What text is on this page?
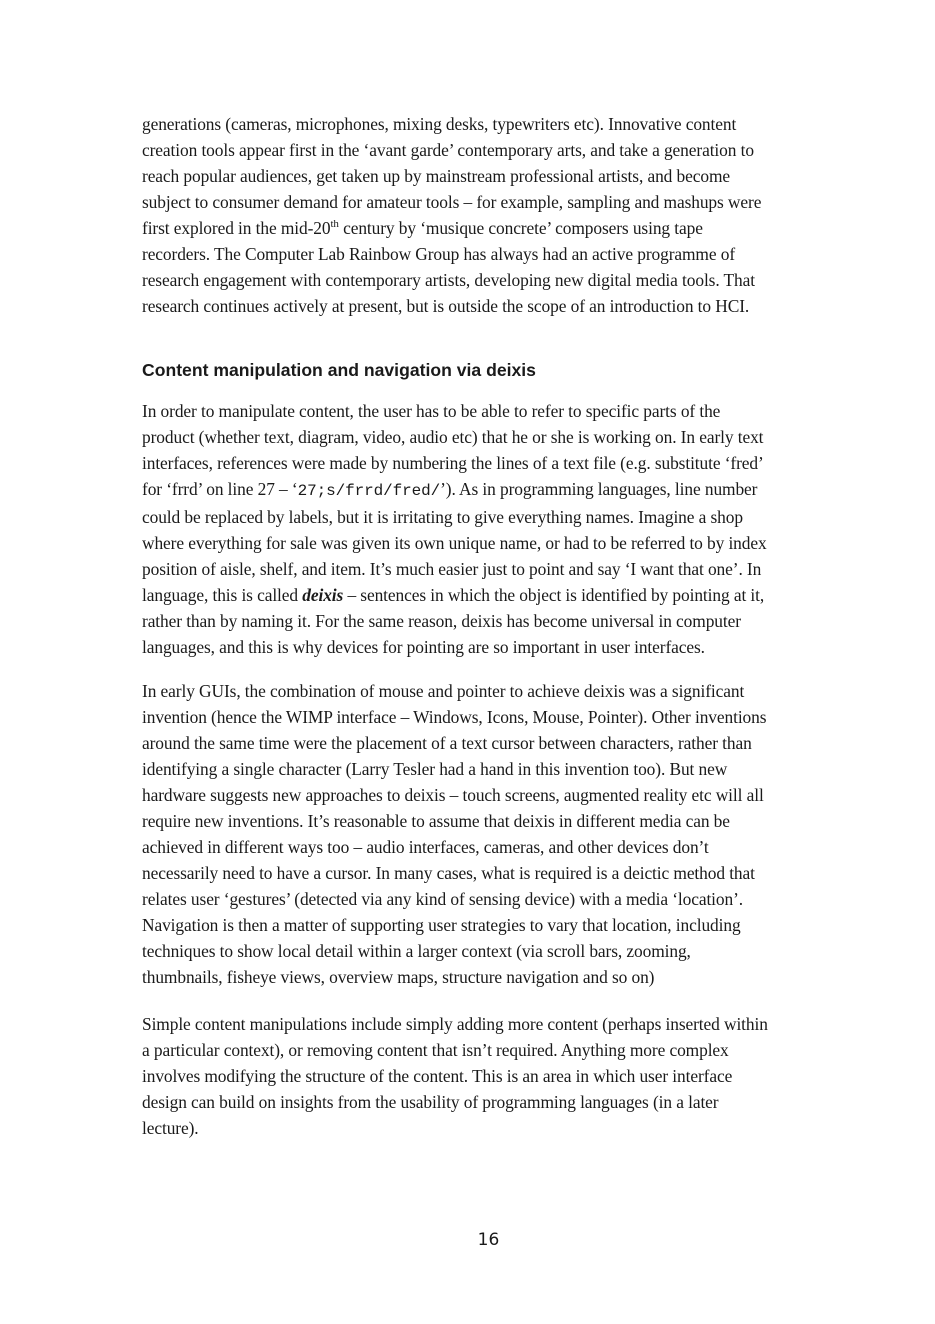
generations (cameras, microphones, mixing desks, typewriters etc). Innovative content
creation tools appear first in the ‘avant garde’ contemporary arts, and take a generation to
reach popular audiences, get taken up by mainstream professional artists, and become
subject to consumer demand for amateur tools – for example, sampling and mashups were
first explored in the mid-20th century by ‘musique concrete’ composers using tape
recorders. The Computer Lab Rainbow Group has always had an active programme of
research engagement with contemporary artists, developing new digital media tools. That
research continues actively at present, but is outside the scope of an introduction to HCI.

Content manipulation and navigation via deixis

In order to manipulate content, the user has to be able to refer to specific parts of the
product (whether text, diagram, video, audio etc) that he or she is working on. In early text
interfaces, references were made by numbering the lines of a text file (e.g. substitute ‘fred’
for ‘frrd’ on line 27 – ‘27;s/frrd/fred/’). As in programming languages, line number
could be replaced by labels, but it is irritating to give everything names. Imagine a shop
where everything for sale was given its own unique name, or had to be referred to by index
position of aisle, shelf, and item. It’s much easier just to point and say ‘I want that one’. In
language, this is called deixis – sentences in which the object is identified by pointing at it,
rather than by naming it. For the same reason, deixis has become universal in computer
languages, and this is why devices for pointing are so important in user interfaces.

In early GUIs, the combination of mouse and pointer to achieve deixis was a significant
invention (hence the WIMP interface – Windows, Icons, Mouse, Pointer). Other inventions
around the same time were the placement of a text cursor between characters, rather than
identifying a single character (Larry Tesler had a hand in this invention too). But new
hardware suggests new approaches to deixis – touch screens, augmented reality etc will all
require new inventions. It’s reasonable to assume that deixis in different media can be
achieved in different ways too – audio interfaces, cameras, and other devices don’t
necessarily need to have a cursor. In many cases, what is required is a deictic method that
relates user ‘gestures’ (detected via any kind of sensing device) with a media ‘location’.
Navigation is then a matter of supporting user strategies to vary that location, including
techniques to show local detail within a larger context (via scroll bars, zooming,
thumbnails, fisheye views, overview maps, structure navigation and so on)

Simple content manipulations include simply adding more content (perhaps inserted within
a particular context), or removing content that isn’t required. Anything more complex
involves modifying the structure of the content. This is an area in which user interface
design can build on insights from the usability of programming languages (in a later
lecture).

16
